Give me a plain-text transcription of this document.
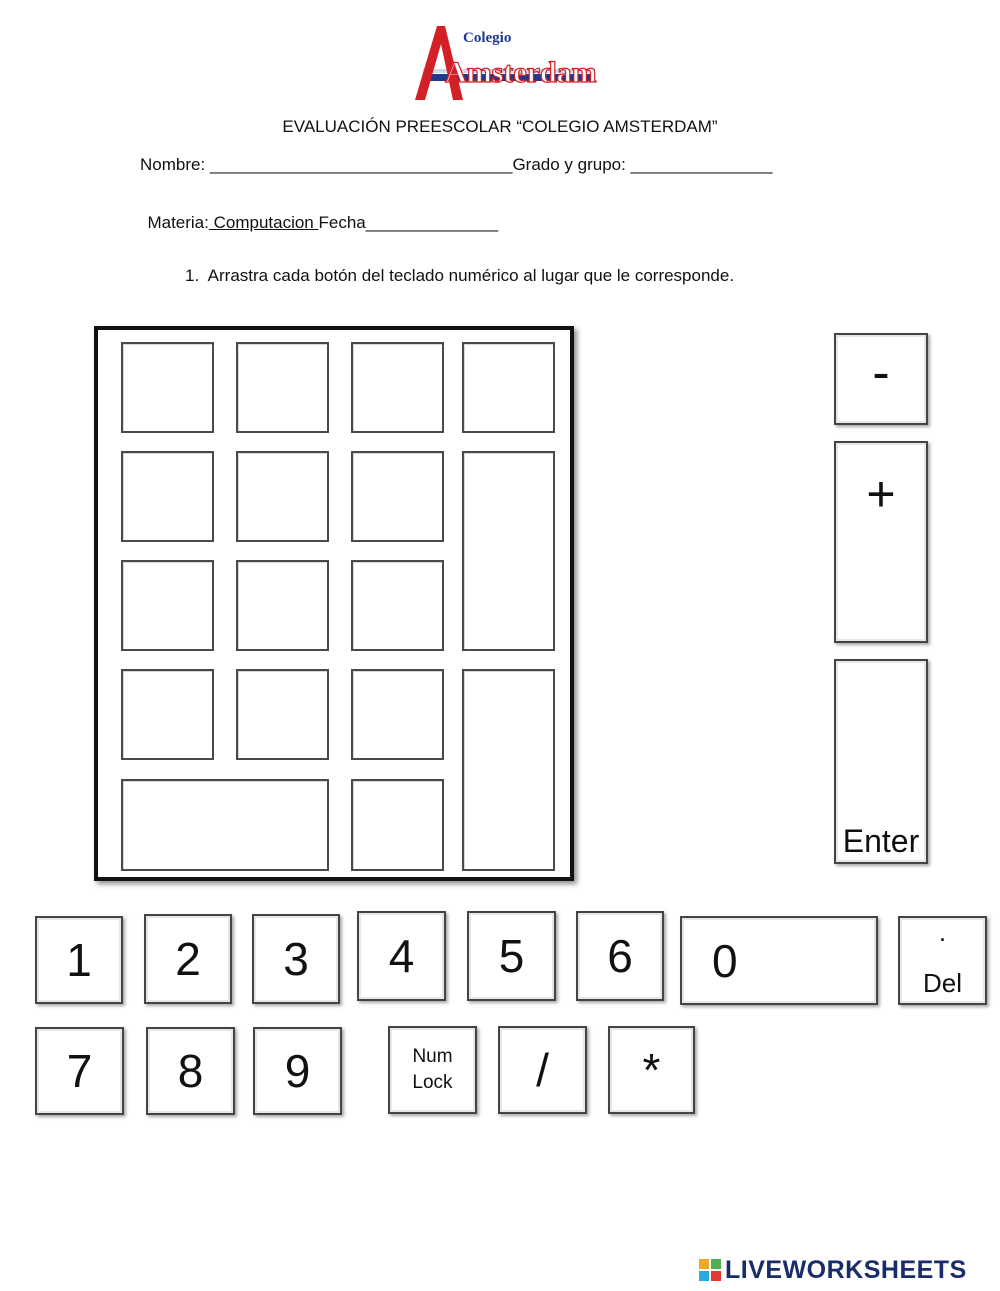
Colegio
Amsterdam
EVALUACIÓN PREESCOLAR “COLEGIO AMSTERDAM”
Nombre: ________________________________Grado y grupo: _______________

Materia: Computacion Fecha______________

1.  Arrastra cada botón del teclado numérico al lugar que le corresponde.
-
+
Enter
1 2 3 4 5 6 0
.
Del
7 8 9	Num
Lock / *
LIVEWORKSHEETS
